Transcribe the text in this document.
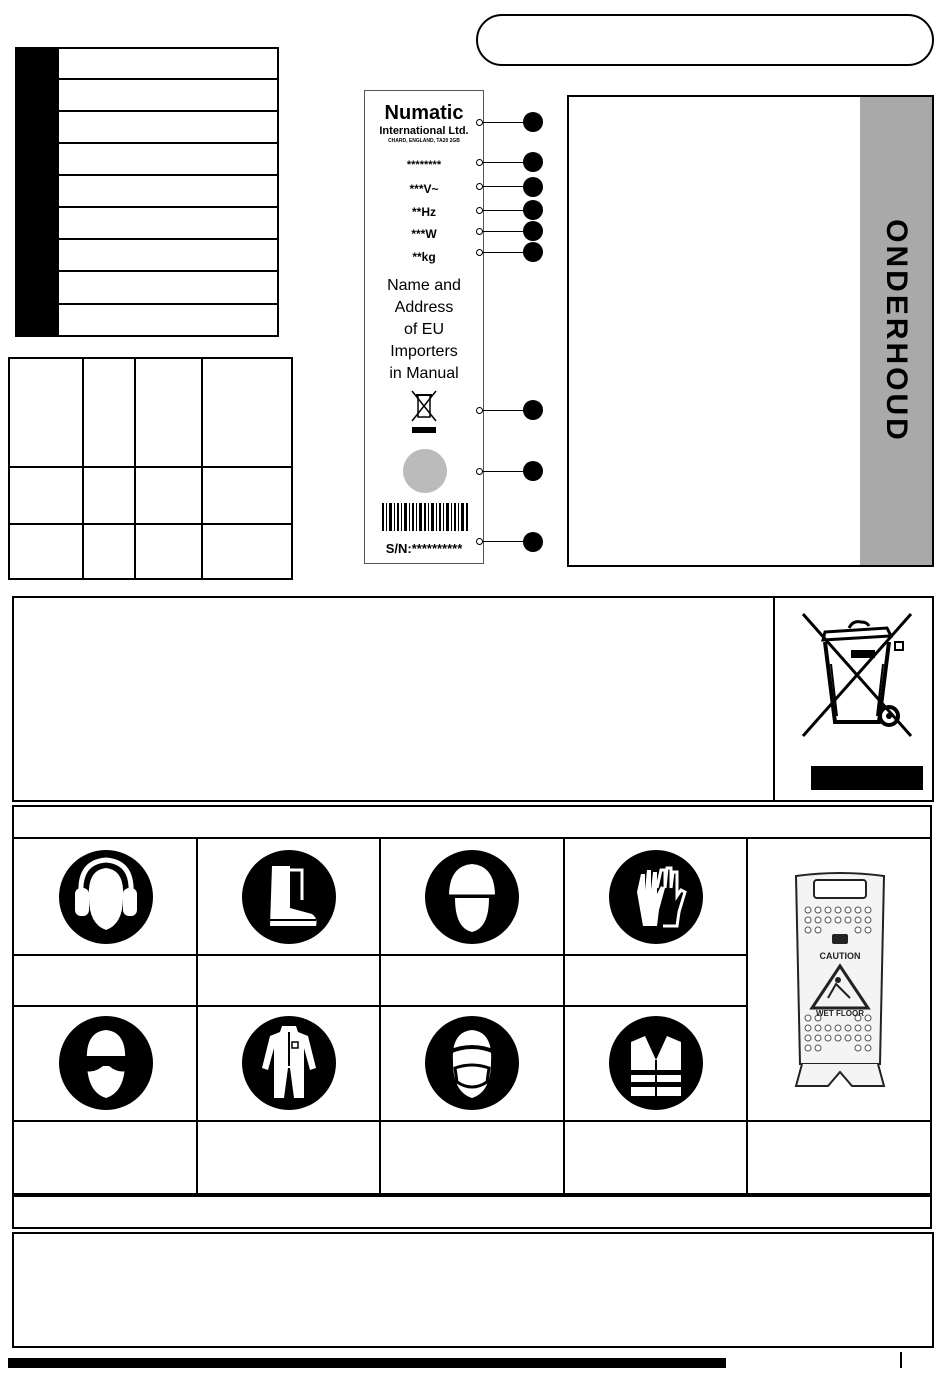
Numatic
International Ltd.
CHARD, ENGLAND, TA20 2GB
********
***V~
**Hz
***W
**kg
Name and
Address
of EU
Importers
in Manual
S/N:**********
ONDERHOUD
CAUTION
WET FLOOR
